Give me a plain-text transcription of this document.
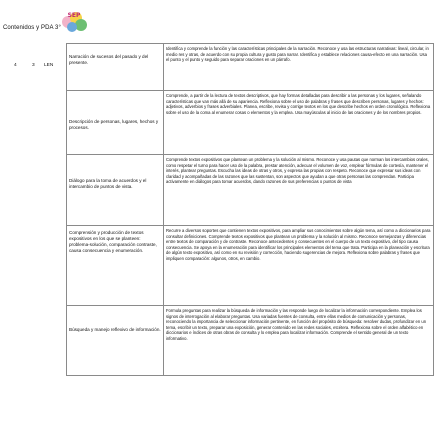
Contenidos y PDA 3°
SEP
4	3 LEN
Narración de sucesos del pasado y del presente.
Identifica y comprende la función y las características principales de la narración. Reconoce y usa las estructuras narrativas: lineal, circular, in medio res y otras, de acuerdo con su propia cultura y gusto para narrar. Identifica y establece relaciones causa-efecto en una narración. Usa el punto y el punto y seguido para separar oraciones en un párrafo.
Descripción de personas, lugares, hechos y procesos.
Comprende, a partir de la lectura de textos descriptivos, que hay formas detalladas para describir a las personas y los lugares, señalando características que van más allá de su apariencia. Reflexiona sobre el uso de palabras y frases que describen personas, lugares y hechos: adjetivos, adverbios y frases adverbiales. Planea, escribe, revisa y corrige textos en los que describe hechos en orden cronológico. Reflexiona sobre el uso de la coma al enumerar cosas o elementos y la emplea. Usa mayúsculas al inicio de las oraciones y de los nombres propios.
Diálogo para la toma de acuerdos y el intercambio de puntos de vista.
Comprende textos expositivos que plantean un problema y la solución al mismo. Reconoce y usa pautas que norman los intercambios orales, como respetar el turno para hacer uso de la palabra, prestar atención, adecuar el volumen de voz, emplear fórmulas de cortesía, mantener el interés, plantear preguntas. Escucha las ideas de otras y otros, y expresa las propias con respeto. Reconoce que expresar sus ideas con claridad y acompañadas de las razones que las sustentan, son aspectos que ayudan a que otras personas las comprendan. Participa activamente en diálogos para tomar acuerdos, dando razones de sus preferencias o puntos de vista
Comprensión y producción de textos expositivos en los que se planteen: problema-solución, comparación contraste, causa consecuencia y enumeración.
Recurre a diversos soportes que contienen textos expositivos, para ampliar sus conocimientos sobre algún tema, así como a diccionarios para consultar definiciones. Comprende textos expositivos que plantean un problema y la solución al mismo. Reconoce semejanzas y diferencias entre textos de comparación y de contraste. Reconoce antecedentes y consecuentes en el cuerpo de un texto expositivo, del tipo causa consecuencia. Se apoya en la enumeración para identificar los principales elementos del tema que trata. Participa en la planeación y escritura de algún texto expositivo, así como en su revisión y corrección, haciendo sugerencias de mejora. Reflexiona sobre palabras y frases que impliquen comparación: algunos, otros, en cambio.
Búsqueda y manejo reflexivo de información.
Formula preguntas para realizar la búsqueda de información y las responde luego de localizar la información correspondiente. Emplea los signos de interrogación al elaborar preguntas. Usa variadas fuentes de consulta, entre ellas medios de comunicación y personas, reconociendo la importancia de seleccionar información pertinente, en función del propósito de búsqueda: resolver dudas, profundizar en un tema, escribir un texto, preparar una exposición, generar contenido en las redes sociales, etcétera. Reflexiona sobre el orden alfabético en diccionarios e índices de otras obras de consulta y lo emplea para localizar información. Comprende el sentido general de un texto informativo.
